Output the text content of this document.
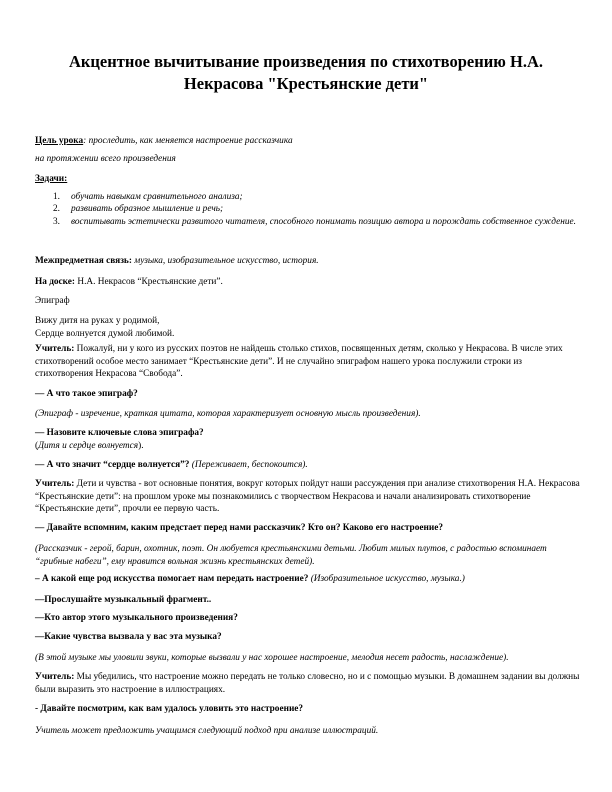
Акцентное вычитывание произведения по стихотворению Н.А.
Некрасова "Крестьянские дети"
Цель урока: проследить, как меняется настроение рассказчика
на протяжении всего произведения
Задачи:
1. обучать навыкам сравнительного анализа;
2. развивать образное мышление и речь;
3. воспитывать эстетически развитого читателя, способного понимать позицию автора и порождать собственное суждение.
Межпредметная связь: музыка, изобразительное искусство, история.
На доске: Н.А. Некрасов “Крестьянские дети”.
Эпиграф
Вижу дитя на руках у родимой,
Сердце волнуется думой любимой.
Учитель: Пожалуй, ни у кого из русских поэтов не найдешь столько стихов, посвященных детям, сколько у Некрасова. В числе этих стихотворений особое место занимает “Крестьянские дети”. И не случайно эпиграфом нашего урока послужили строки из стихотворения Некрасова “Свобода”.
— А что такое эпиграф?
(Эпиграф - изречение, краткая цитата, которая характеризует основную мысль произведения).
— Назовите ключевые слова эпиграфа?
(Дитя и сердце волнуется).
— А что значит “сердце волнуется”? (Переживает, беспокоится).
Учитель: Дети и чувства - вот основные понятия, вокруг которых пойдут наши рассуждения при анализе стихотворения Н.А. Некрасова “Крестьянские дети”: на прошлом уроке мы познакомились с творчеством Некрасова и начали анализировать стихотворение “Крестьянские дети”, прочли ее первую часть.
— Давайте вспомним, каким предстает перед нами рассказчик? Кто он? Каково его настроение?
(Рассказчик - герой, барин, охотник, поэт. Он любуется крестьянскими детьми. Любит милых плутов, с радостью вспоминает “грибные набеги”, ему нравится вольная жизнь крестьянских детей).
– А какой еще род искусства помогает нам передать настроение? (Изобразительное искусство, музыка.)
—Прослушайте музыкальный фрагмент..
—Кто автор этого музыкального произведения?
—Какие чувства вызвала у вас эта музыка?
(В этой музыке мы уловили звуки, которые вызвали у нас хорошее настроение, мелодия несет радость, наслаждение).
Учитель: Мы убедились, что настроение можно передать не только словесно, но и с помощью музыки. В домашнем задании вы должны были выразить это настроение в иллюстрациях.
- Давайте посмотрим, как вам удалось уловить это настроение?
Учитель может предложить учащимся следующий подход при анализе иллюстраций.
